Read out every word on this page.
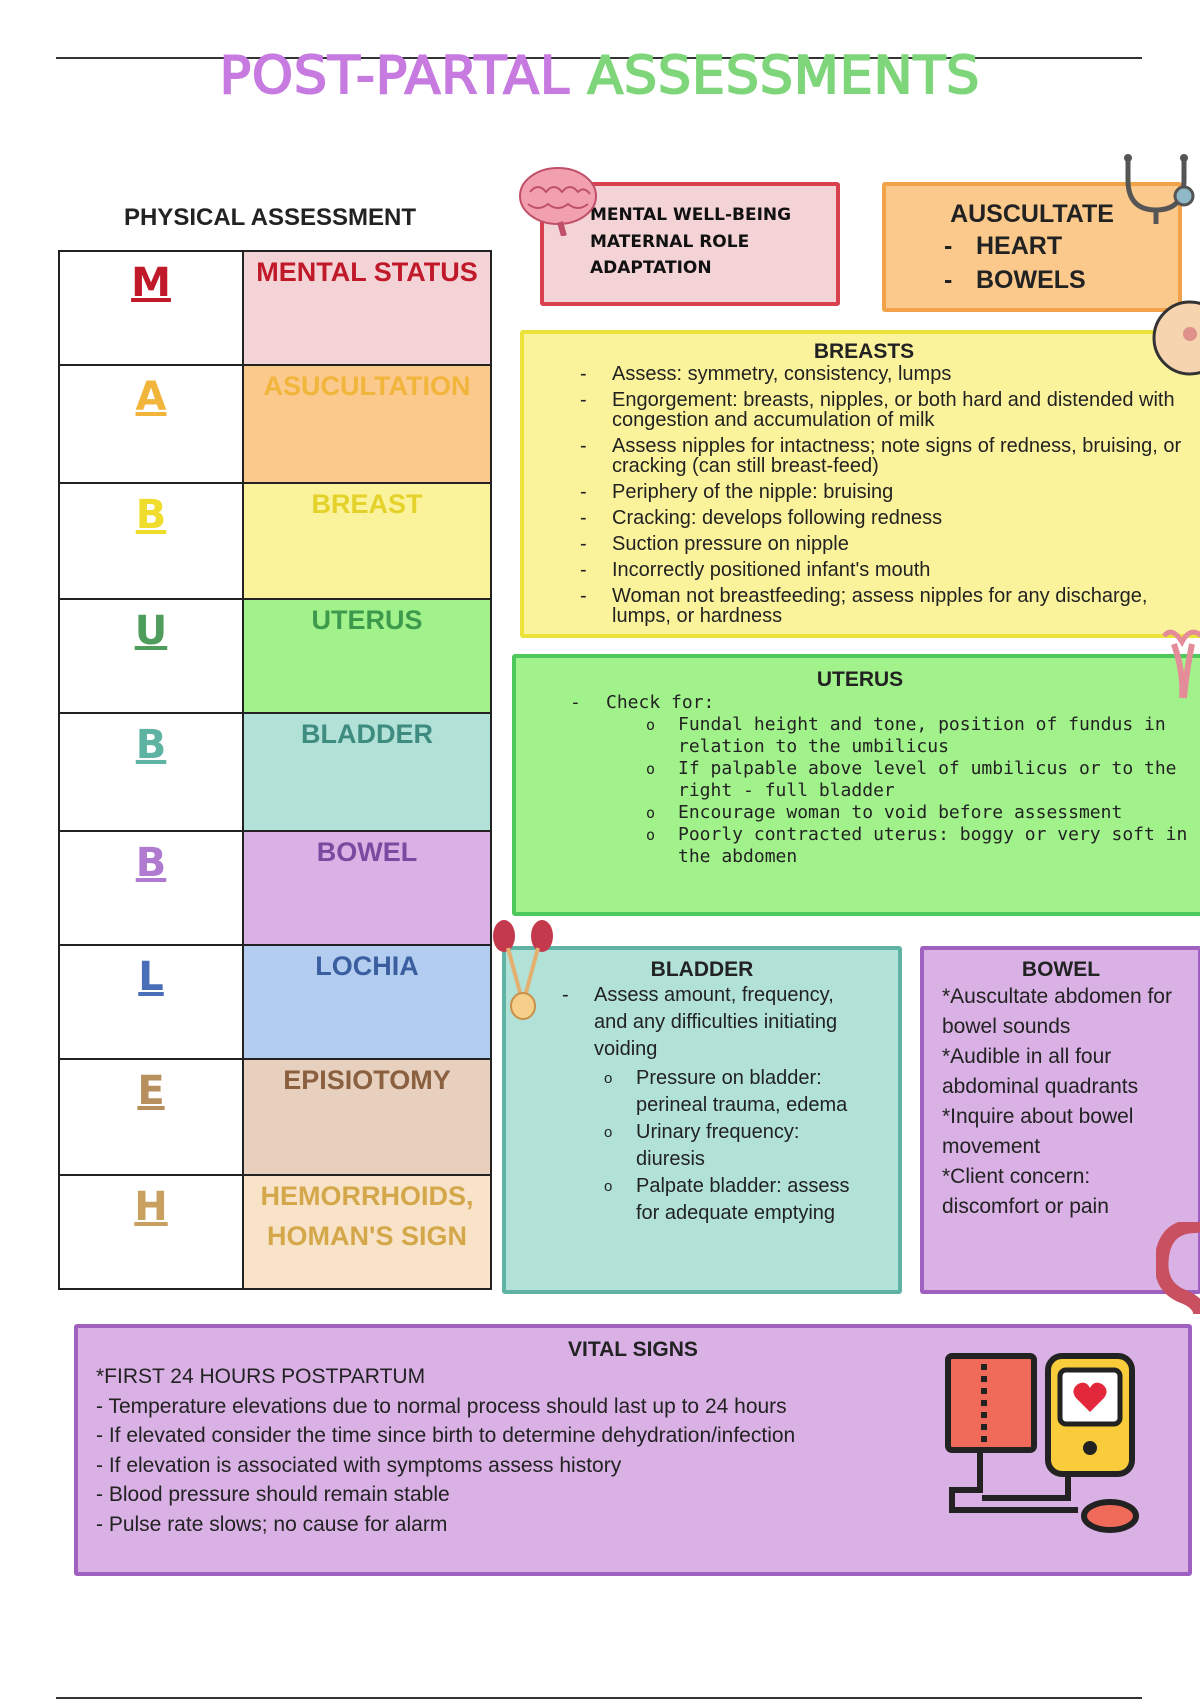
POST-PARTAL ASSESSMENTS
PHYSICAL ASSESSMENT
M	MENTAL STATUS
A	ASUCULTATION
B	BREAST
U	UTERUS
B	BLADDER
B	BOWEL
L	LOCHIA
E	EPISIOTOMY
H	HEMORRHOIDS, HOMAN'S SIGN
MENTAL WELL-BEING
MATERNAL ROLE ADAPTATION
AUSCULTATE
- HEART
- BOWELS
BREASTS
- Assess: symmetry, consistency, lumps
- Engorgement: breasts, nipples, or both hard and distended with congestion and accumulation of milk
- Assess nipples for intactness; note signs of redness, bruising, or cracking (can still breast-feed)
- Periphery of the nipple: bruising
- Cracking: develops following redness
- Suction pressure on nipple
- Incorrectly positioned infant's mouth
- Woman not breastfeeding; assess nipples for any discharge, lumps, or hardness
UTERUS
- Check for:
o Fundal height and tone, position of fundus in relation to the umbilicus
o If palpable above level of umbilicus or to the right - full bladder
o Encourage woman to void before assessment
o Poorly contracted uterus: boggy or very soft in the abdomen
BLADDER
-	Assess amount, frequency, and any difficulties initiating voiding
o Pressure on bladder: perineal trauma, edema
o Urinary frequency: diuresis
o Palpate bladder: assess for adequate emptying
BOWEL
*Auscultate abdomen for bowel sounds
*Audible in all four abdominal quadrants
*Inquire about bowel movement
*Client concern: discomfort or pain
VITAL SIGNS
*FIRST 24 HOURS POSTPARTUM
- Temperature elevations due to normal process should last up to 24 hours
- If elevated consider the time since birth to determine dehydration/infection
- If elevation is associated with symptoms assess history
- Blood pressure should remain stable
- Pulse rate slows; no cause for alarm
